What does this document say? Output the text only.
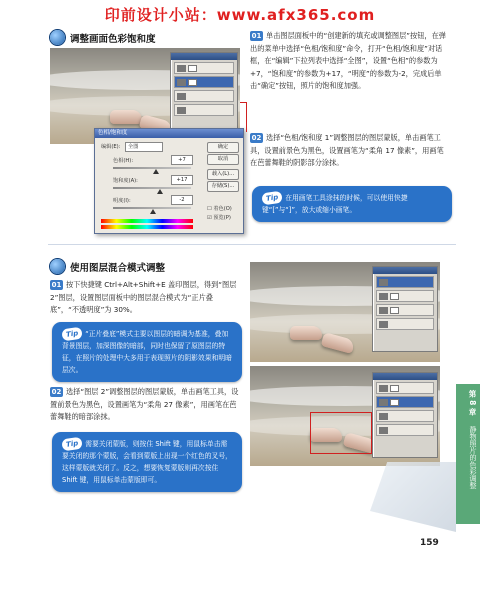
印前设计小站：www.afx365.com
调整画面色彩饱和度
色相/饱和度
编辑(E):	全图
色相(H):	+7
饱和度(A):	+17
明度(I):	-2
确定
取消
载入(L)...
存储(S)...
☐ 着色(O)
☑ 预览(P)
01 单击图层面板中的“创建新的填充或调整图层”按钮，在弹出的菜单中选择“色相/饱和度”命令，打开“色相/饱和度”对话框，在“编辑”下拉列表中选择“全图”，设置“色相”的参数为+7，“饱和度”的参数为+17，“明度”的参数为-2，完成后单击“确定”按钮，照片的饱和度加强。
02 选择“色相/饱和度 1”调整图层的图层蒙版，单击画笔工具，设置前景色为黑色，设置画笔为“柔角 17 像素”，用画笔在芭蕾舞鞋的阴影部分涂抹。
Tip 在用画笔工具涂抹的时候，可以使用快捷键“[”与“]”，放大或缩小画笔。
使用图层混合模式调整
01 按下快捷键 Ctrl+Alt+Shift+E 盖印图层，得到“图层 2”图层，设置图层面板中的图层混合模式为“正片叠底”，“不透明度”为 30%。
Tip “正片叠底”模式主要以图层的暗调为基准，叠加背景图层，加深图像的暗部，同时也保留了原图层的特征，在照片的处理中大多用于表现照片的阴影效果和明暗层次。
02 选择“图层 2”调整图层的图层蒙版，单击画笔工具，设置前景色为黑色，设置画笔为“柔角 27 像素”，用画笔在芭蕾舞鞋的暗部涂抹。
Tip 需要关闭蒙版，则按住 Shift 键，用鼠标单击需要关闭的那个蒙版，会看到蒙版上出现一个红色的叉号，这样蒙版就关闭了。反之，想要恢复蒙版则再次按住 Shift 键，用鼠标单击蒙版即可。
第 8 章
静物照片的色彩调整
159
